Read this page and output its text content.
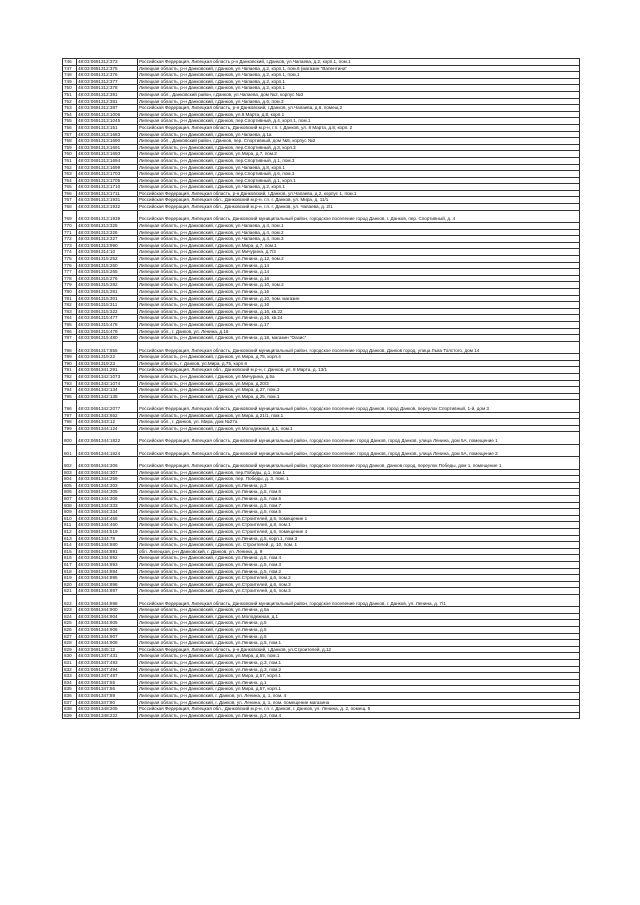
746	48:03:0691312:373	Российская Федерация, Липецкая область р-н Данковский, г.Данков, ул.Чапаева, д.2, корп.1, пом.1
747	48:03:0691312:375	Липецкая область, р-н Данковский, г.Данков, ул.Чапаева, д.2, корп.1, пом.6 (магазин "Валентина"
748	48:03:0691312:376	Липецкая область, р-н Данковский, г.Данков, ул.Чапаева, д.2, корп.1, пом.1
749	48:03:0691312:377	Липецкая область, р-н Данковский, г.Данков, ул.Чапаева, д.2, корп.1
750	48:03:0691312:378	Липецкая область, р-н Данковский, г.Данков, ул.Чапаева, д.2, корп.1
751	48:03:0691312:391	Липецкая обл., Данковский район, г.Данков, ул.Чапаева, дом №2, корпус №3
752	48:03:0691312:381	Липецкая область, р-н Данковский, г.Данков, ул.Чапаева, д.6, пом.3
753	48:03:0691312:387	Российская Федерация, Липецкая область, р-н Данковский, г.Данков, ул.Чапаева, д.6, помещ.2
754	48:03:0691313:1006	Липецкая область, р-н Данковский, г.Данков, ул.8 Марта, д.8, корп.1
755	48:03:0691313:1045	Липецкая область, р-н Данковский, г.Данков, пер.Спортивный, д.4, корп.1, пом.1
756	48:03:0691313:151	Российская Федерация, Липецкая область, Данковский м.р-н, г.п. г. Данков, ул. 8 Марта, д.8, корп. 2
757	48:03:0691313:1683	Липецкая область, р-н Данковский, г.Данков, ул.Чапаева, д.1а
758	48:03:0691313:1690	Липецкая обл., Данковский район, г.Данков, пер. Спортивный, дом №5, корпус №2
759	48:03:0691313:1691	Липецкая область, р-н Данковский, г.Данков, пер.Спортивный, д.3, корп.2
760	48:03:0691313:1693	Липецкая область, р-н Данковский, г.Данков, ул.Мира, д.7, пом.2
761	48:03:0691313:1694	Липецкая область, р-н Данковский, г.Данков, пер.Спортивный, д.1, пом.3
762	48:03:0691313:1699	Липецкая область, р-н Данковский, г.Данков, ул.Чапаева, д.8, корп.1
763	48:03:0691313:1703	Липецкая область, р-н Данковский, г.Данков, пер.Спортивный, д.6, пом.3
764	48:03:0691313:1705	Липецкая область, р-н Данковский, г.Данков, пер.Спортивный, д.1, корп.1
765	48:03:0691313:1710	Липецкая область, р-н Данковский, г.Данков, ул.Чапаева, д.2, корп.1
766	48:03:0691313:1711	Российская Федерация, Липецкая область, р-н Данковский, г.Данков, ул.Чапаева, д.2, корпус 1, пом.1
767	48:03:0691313:1931	Российская Федерация, Липецкая обл., Данковский м.р-н, г.п. г. Данков, ул. Мира, д. 11/1
768	48:03:0691313:1932	Российская Федерация, Липецкая обл., Данковский м.р-н, г.п. г. Данков, ул. Чапаева, д. 2/1
769	48:03:0691313:1939	Российская Федерация, Липецкая область, Данковский муниципальный район, городское поселение город Данков, г. Данков, пер. Спортивный, д. 4
770	48:03:0691313:325	Липецкая область, р-н Данковский, г.Данков, ул.Чапаева, д.4, пом.1
771	48:03:0691313:326	Липецкая область, р-н Данковский, г.Данков, ул.Чапаева, д.4, пом.2
772	48:03:0691313:327	Липецкая область, р-н Данковский, г.Данков, ул.Чапаева, д.4, пом.3
773	48:03:0691313:990	Липецкая область, р-н Данковский, г.Данков, ул.Мира, д.7, пом.1
774	48:03:0691314:10	Липецкая область, р-н Данковский, г.Данков, ул.Мичурина, д.7/3
775	48:03:0691315:252	Липецкая область, р-н Данковский, г.Данков, ул.Ленина, д.12, пом.2
776	48:03:0691315:260	Липецкая область, р-н Данковский, г.Данков, ул.Ленина, д.14
777	48:03:0691315:265	Липецкая область, р-н Данковский, г.Данков, ул.Ленина, д.14
778	48:03:0691315:276	Липецкая область, р-н Данковский, г.Данков, ул.Ленина, д.16
779	48:03:0691315:282	Липецкая область, р-н Данковский, г.Данков, ул.Ленина, д.10, пом.2
780	48:03:0691315:281	Липецкая область, р-н Данковский, г.Данков, ул.Ленина, д.16
781	48:03:0691315:301	Липецкая область, р-н Данковский, г.Данков, ул.Ленина, д.10, пом. магазин
782	48:03:0691315:311	Липецкая область, р-н Данковский, г.Данков, ул.Ленина, д.16
783	48:03:0691315:322	Липецкая область, р-н Данковский, г.Данков, ул.Ленина, д.16, кв.22
784	48:03:0691315:477	Липецкая область, р-н Данковский, г.Данков, ул.Ленина, д.16, кв.24
785	48:03:0691315:478	Липецкая область, р-н Данковский, г.Данков, ул.Ленина, д.17
786	48:03:0691315:479	Липецкая обл., г. Данков, ул. Ленина, д.16
787	48:03:0691315:480	Липецкая область, р-н Данковский, г.Данков, ул.Ленина, д.18, магазин "Оазис"
788	48:03:0691317:855	Российская Федерация, Липецкая область, Данковский муниципальный район, городское поселение город Данков, Данков город, улица Льва Толстого, дом 14
789	48:03:0691319:22	Липецкая область, р-н Данковский, г.Данков, ул.Мира, д.75, корп.4
790	48:03:0691319:23	Липецкая область, г. Данков, ул.Мира, д.75, корп.6
791	48:03:0691341:291	Российская Федерация, Липецкая обл., Данковский м.р-н, г. Данков, ул. 8 Марта, д. 13/1
792	48:03:0691342:1073	Липецкая область, р-н Данковский, г.Данков, ул.Мичурина, д.5а
793	48:03:0691342:1074	Липецкая область, р-н Данковский, г.Данков, ул.Мира, д.20/3
794	48:03:0691342:134	Липецкая область, р-н Данковский, г.Данков, ул.Мира, д.27, пом.3
795	48:03:0691342:135	Липецкая область, р-н Данковский, г.Данков, ул.Мира, д.25, пом.1
796	48:03:0691342:2077	Российская Федерация, Липецкая область, Данковский муниципальный район, городское поселение город Данков, город Данков, переулок Спортивный, 1-й, дом 3
797	48:03:0691342:652	Липецкая область, р-н Данковский, г.Данков, ул.Мира, д.21/1, пом.1
798	48:03:0691343:12	Липецкая обл., г. Данков, ул. Мира, дом №27а
799	48:03:0691344:124	Липецкая область, р-н Данковский, г.Данков, ул.Молодежная, д.1, пом.1
800	48:03:0691344:1822	Российская Федерация, Липецкая область, Данковский муниципальный район, городское поселение: город Данков, город Данков, улица Ленина, дом 5А, помещение 1
801	48:03:0691344:1824	Российская Федерация, Липецкая область, Данковский муниципальный район, городское поселение: город Данков, город Данков, улица Ленина, дом 5А, помещение 2
802	48:03:0691344:306	Российская Федерация, Липецкая область, Данковский муниципальный район, городское поселение город Данков, Данков город, переулок Победы, дом 1, помещение 1
803	48:03:0691344:307	Липецкая область, р-н Данковский, г.Данков, пер.Победы, д.1, пом.1
804	48:03:0691344:259	Липецкая область, р-н Данковский, г.Данков, пер. Победы, д. 3, пом. 1
805	48:03:0691344:303	Липецкая область, р-н Данковский, г.Данков, ул.Ленина, д.3
806	48:03:0691344:305	Липецкая область, р-н Данковский, г.Данков, ул.Ленина, д.5, пом.6
807	48:03:0691344:306	Липецкая область, р-н Данковский, г.Данков, ул.Ленина, д.5, пом.6
808	48:03:0691344:333	Липецкая область, р-н Данковский, г.Данков, ул.Ленина, д.5, пом.7
809	48:03:0691344:334	Липецкая область, р-н Данковский, г.Данков, ул.Ленина, д.5, пом.5
810	48:03:0691344:456	Липецкая область, р-н Данковский, г.Данков, ул.Строителей, д.6, помещение 1
811	48:03:0691344:460	Липецкая область, р-н Данковский, г.Данков, ул.Строителей, д.8, пом.1
812	48:03:0691344:519	Липецкая область, р-н Данковский, г.Данков, ул.Строителей, д.6, помещение 4
813	48:03:0691344:78	Липецкая область, р-н Данковский, г.Данков, ул.Ленина, д.5, корп.1, пом.3
814	48:03:0691344:880	Липецкая область, р-н Данковский, г.Данков, ул. Строителей, д. 10, пом. 1
815	48:03:0691344:891	обл. Липецкая, р-н Данковский, г. Данков, ул. Ленина, д. 9
816	48:03:0691344:892	Липецкая область, р-н Данковский, г.Данков, ул.Ленина, д.5, пом.4
817	48:03:0691344:893	Липецкая область, р-н Данковский, г.Данков, ул.Ленина, д.5, пом.3
818	48:03:0691344:894	Липецкая область, р-н Данковский, г.Данков, ул.Ленина, д.5, пом.2
819	48:03:0691344:895	Липецкая область, р-н Данковский, г.Данков, ул.Строителей, д.6, пом.2
820	48:03:0691344:896	Липецкая область, р-н Данковский, г.Данков, ул.Строителей, д.6, пом.3
821	48:03:0691344:897	Липецкая область, р-н Данковский, г.Данков, ул.Строителей, д.6, пом.3
822	48:03:0691344:898	Российская Федерация, Липецкая область, Данковский муниципальный район, городское поселение город Данков, г. Данков, ул. Ленина, д. 7/1
823	48:03:0691344:900	Липецкая область, р-н Данковский, г.Данков, ул.Ленина, д.5а
824	48:03:0691344:904	Липецкая область, р-н Данковский, г.Данков, ул.Молодежная, д.1
825	48:03:0691344:905	Липецкая область, р-н Данковский, г.Данков, ул.Ленина, д.5
826	48:03:0691344:906	Липецкая область, р-н Данковский, г.Данков, ул.Ленина, д.5
827	48:03:0691344:907	Липецкая область, р-н Данковский, г.Данков, ул.Ленина, д.5
828	48:03:0691344:908	Липецкая область, р-н Данковский, г.Данков, ул.Ленина, д.5, пом.1
829	48:03:0691345:12	Российская Федерация, Липецкая область, р-н Данковский, г.Данков, ул.Строителей, д.12
830	48:03:0691347:431	Липецкая область, р-н Данковский, г.Данков, ул.Мира, д.55, пом.1
831	48:03:0691347:493	Липецкая область, р-н Данковский, г.Данков, ул.Ленина, д.3, пом.1
832	48:03:0691347:494	Липецкая область, р-н Данковский, г.Данков, ул.Ленина, д.3, пом.2
833	48:03:0691347:497	Липецкая область, р-н Данковский, г.Данков, ул.Мира, д.57, корп.1
834	48:03:0691347:55	Липецкая область, р-н Данковский, г.Данков, ул.Ленина, д.1
835	48:03:0691347:56	Липецкая область, р-н Данковский, г.Данков, ул.Мира, д.57, корп.1
836	48:03:0691347:89	Липецкая область, р-н Данковский, г. Данков, ул. Ленина, д. 1, пом. 4
837	48:03:0691347:90	Липецкая область, р-н Данковский, г. Данков, ул. Ленина, д. 1, пом. помещение магазина
838	48:03:0691348:205	Российская Федерация, Липецкая обл., Данковский м.р-н, г.п. г. Данков, г. Данков, ул. Ленина, д. 2, помещ. 5
839	48:03:0691348:222	Липецкая область, р-н Данковский, г.Данков, ул.Ленина, д.2, пом.4
